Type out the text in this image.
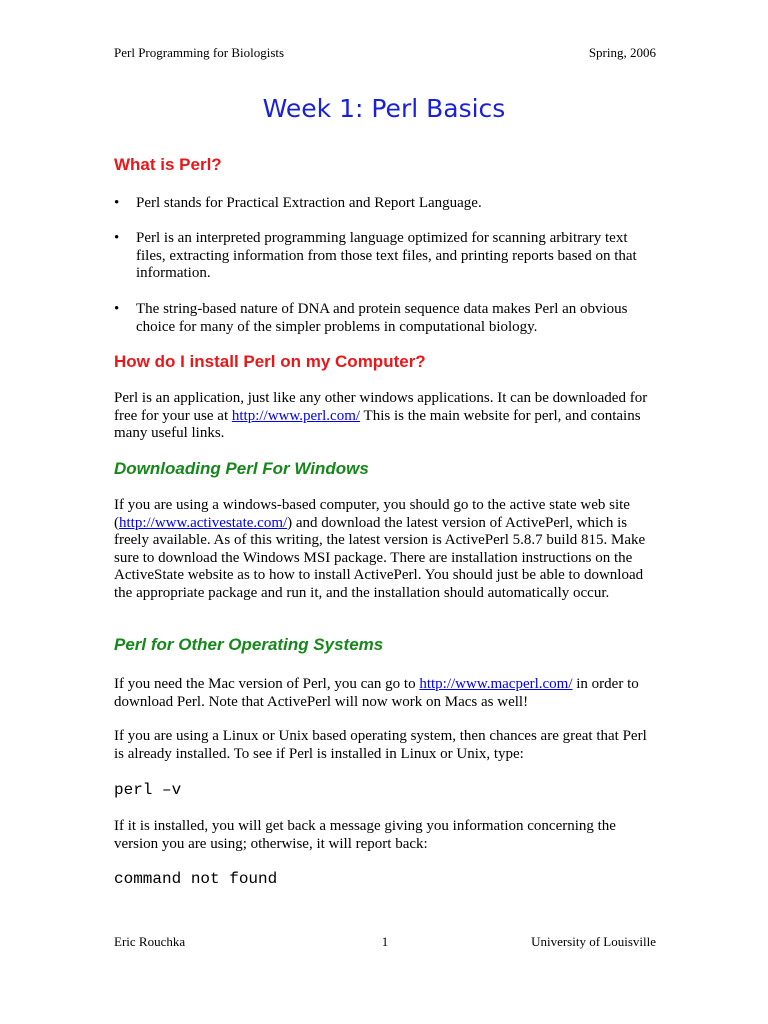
Perl Programming for Biologists	Spring, 2006
Week 1: Perl Basics
What is Perl?
•	Perl stands for Practical Extraction and Report Language.
•	Perl is an interpreted programming language optimized for scanning arbitrary text files, extracting information from those text files, and printing reports based on that information.
•	The string-based nature of DNA and protein sequence data makes Perl an obvious choice for many of the simpler problems in computational biology.
How do I install Perl on my Computer?

Perl is an application, just like any other windows applications. It can be downloaded for free for your use at http://www.perl.com/ This is the main website for perl, and contains many useful links.

Downloading Perl For Windows

If you are using a windows-based computer, you should go to the active state web site (http://www.activestate.com/) and download the latest version of ActivePerl, which is freely available. As of this writing, the latest version is ActivePerl 5.8.7 build 815. Make sure to download the Windows MSI package. There are installation instructions on the ActiveState website as to how to install ActivePerl. You should just be able to download the appropriate package and run it, and the installation should automatically occur.

Perl for Other Operating Systems

If you need the Mac version of Perl, you can go to http://www.macperl.com/ in order to download Perl. Note that ActivePerl will now work on Macs as well!

If you are using a Linux or Unix based operating system, then chances are great that Perl is already installed. To see if Perl is installed in Linux or Unix, type:

perl –v

If it is installed, you will get back a message giving you information concerning the version you are using; otherwise, it will report back:

command not found
Eric Rouchka	1	University of Louisville
